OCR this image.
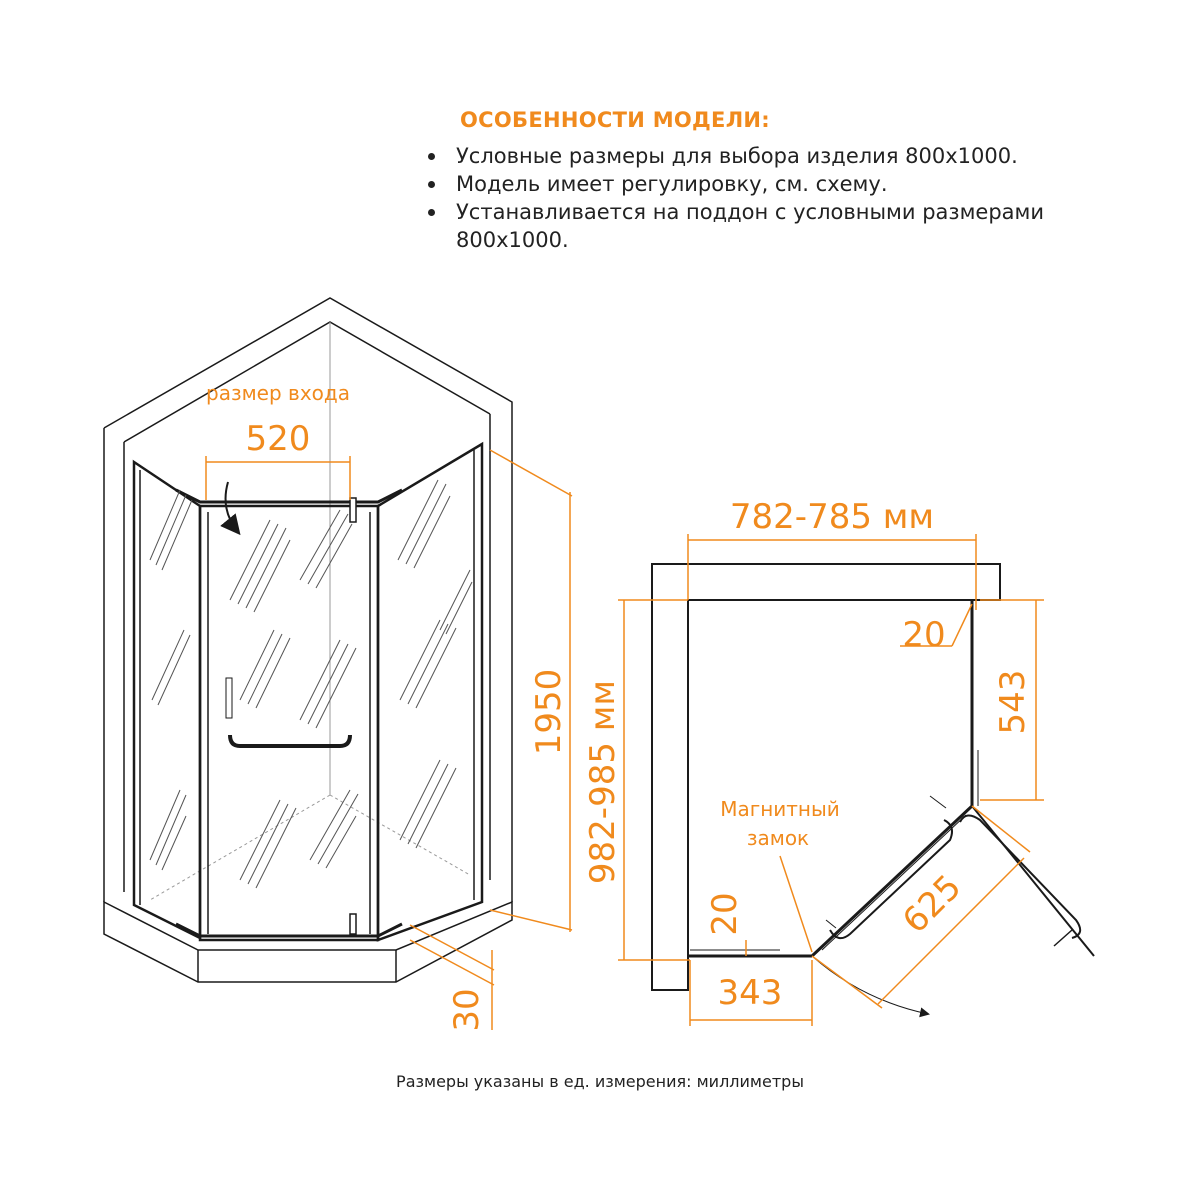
ОСОБЕННОСТИ МОДЕЛИ:

Условные размеры для выбора изделия 800х1000.
Модель имеет регулировку, см. схему.
Устанавливается на поддон с условными размерами 800х1000.
размер входа
520
1950
30
782-785 мм
982-985 мм
20
543
625
343
20
Магнитный
замок

Размеры указаны в ед. измерения: миллиметры
